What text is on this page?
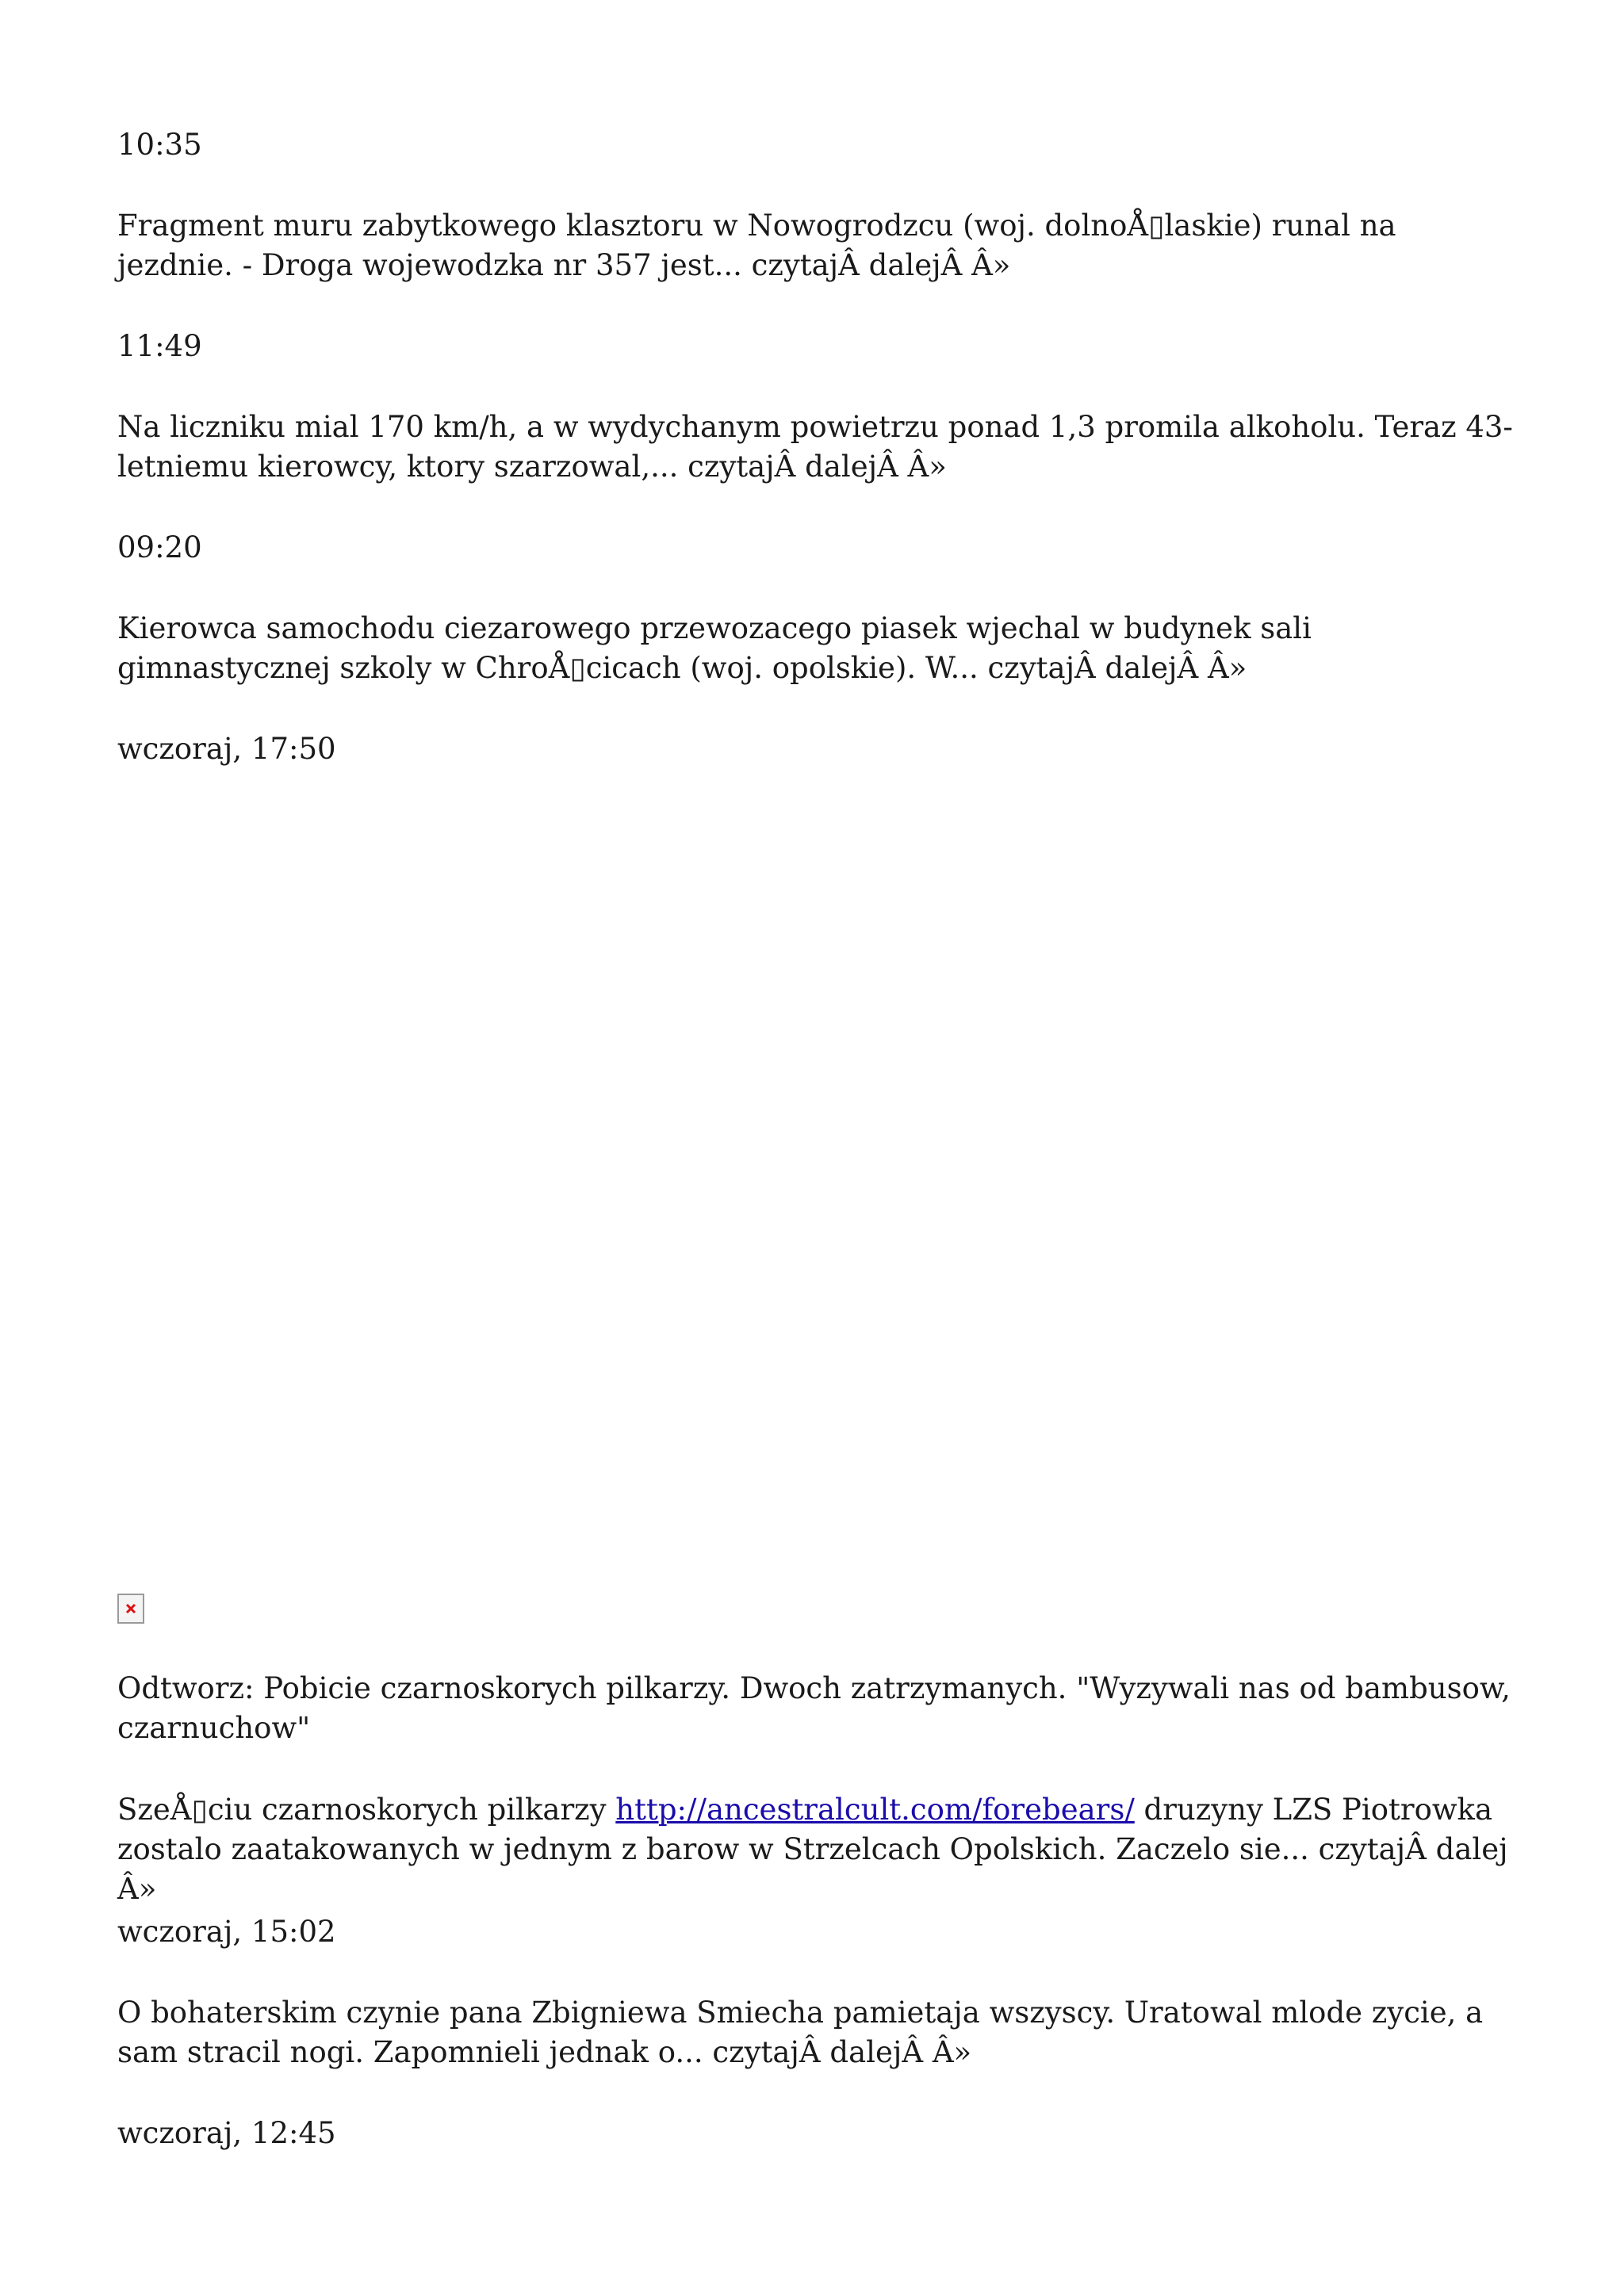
10:35

Fragment muru zabytkowego klasztoru w Nowogrodzcu (woj. dolnoÅ▯laskie) runal na jezdnie. - Droga wojewodzka nr 357 jest... czytajÂ dalejÂ Â»

11:49

Na liczniku mial 170 km/h, a w wydychanym powietrzu ponad 1,3 promila alkoholu. Teraz 43-letniemu kierowcy, ktory szarzowal,... czytajÂ dalejÂ Â»

09:20

Kierowca samochodu ciezarowego przewozacego piasek wjechal w budynek sali gimnastycznej szkoly w ChroÅ▯cicach (woj. opolskie). W... czytajÂ dalejÂ Â»

wczoraj, 17:50

Odtworz: Pobicie czarnoskorych pilkarzy. Dwoch zatrzymanych. "Wyzywali nas od bambusow, czarnuchow"

SzeÅ▯ciu czarnoskorych pilkarzy http://ancestralcult.com/forebears/ druzyny LZS Piotrowka zostalo zaatakowanych w jednym z barow w Strzelcach Opolskich. Zaczelo sie... czytajÂ dalej Â»

wczoraj, 15:02

O bohaterskim czynie pana Zbigniewa Smiecha pamietaja wszyscy. Uratowal mlode zycie, a sam stracil nogi. Zapomnieli jednak o... czytajÂ dalejÂ Â»

wczoraj, 12:45
